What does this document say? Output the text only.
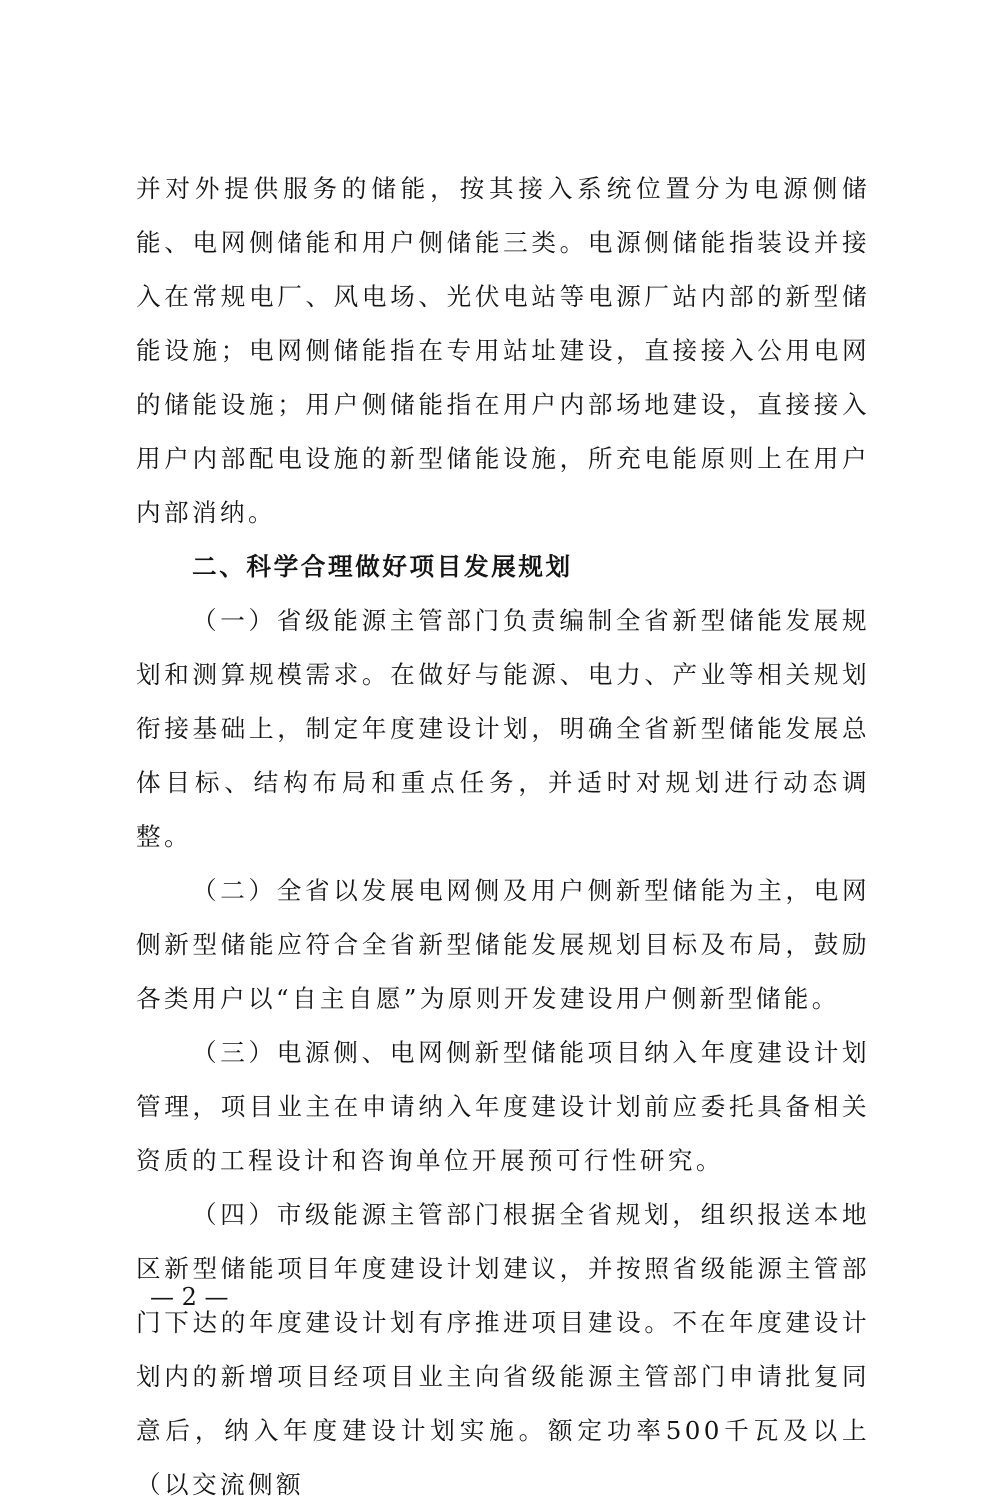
并对外提供服务的储能，按其接入系统位置分为电源侧储能、电网侧储能和用户侧储能三类。电源侧储能指装设并接入在常规电厂、风电场、光伏电站等电源厂站内部的新型储能设施；电网侧储能指在专用站址建设，直接接入公用电网的储能设施；用户侧储能指在用户内部场地建设，直接接入用户内部配电设施的新型储能设施，所充电能原则上在用户内部消纳。

二、科学合理做好项目发展规划

（一）省级能源主管部门负责编制全省新型储能发展规划和测算规模需求。在做好与能源、电力、产业等相关规划衔接基础上，制定年度建设计划，明确全省新型储能发展总体目标、结构布局和重点任务，并适时对规划进行动态调整。

（二）全省以发展电网侧及用户侧新型储能为主，电网侧新型储能应符合全省新型储能发展规划目标及布局，鼓励各类用户以“自主自愿”为原则开发建设用户侧新型储能。

（三）电源侧、电网侧新型储能项目纳入年度建设计划管理，项目业主在申请纳入年度建设计划前应委托具备相关资质的工程设计和咨询单位开展预可行性研究。

（四）市级能源主管部门根据全省规划，组织报送本地区新型储能项目年度建设计划建议，并按照省级能源主管部门下达的年度建设计划有序推进项目建设。不在年度建设计划内的新增项目经项目业主向省级能源主管部门申请批复同意后，纳入年度建设计划实施。额定功率500千瓦及以上（以交流侧额

— 2 —
